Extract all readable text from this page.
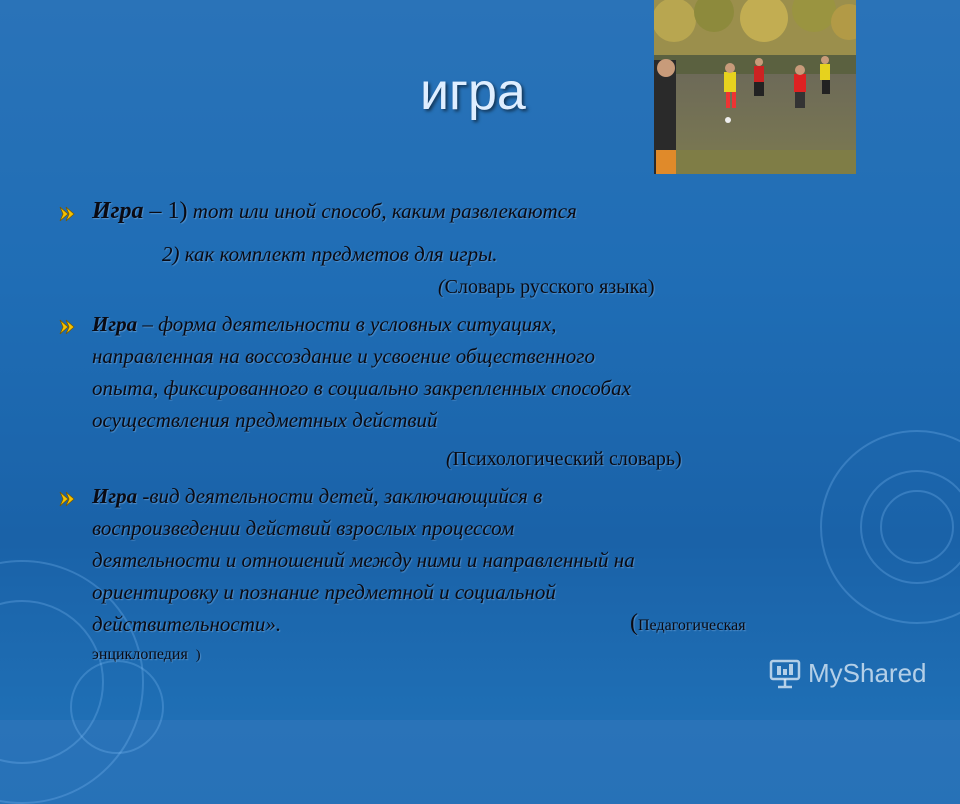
игра
Игра – 1) тот или иной способ, каким развлекаются
2) как комплект предметов для игры.
(Словарь русского языка)
Игра – форма деятельности в условных ситуациях,
направленная на воссоздание и усвоение общественного
опыта, фиксированного в социально закрепленных способах
осуществления предметных действий
(Психологический словарь)
Игра -вид деятельности детей, заключающийся в
воспроизведении действий взрослых процессом
деятельности и отношений между ними и направленный на
ориентировку и познание предметной и социальной
действительности».	(Педагогическая
энциклопедия )
MyShared
